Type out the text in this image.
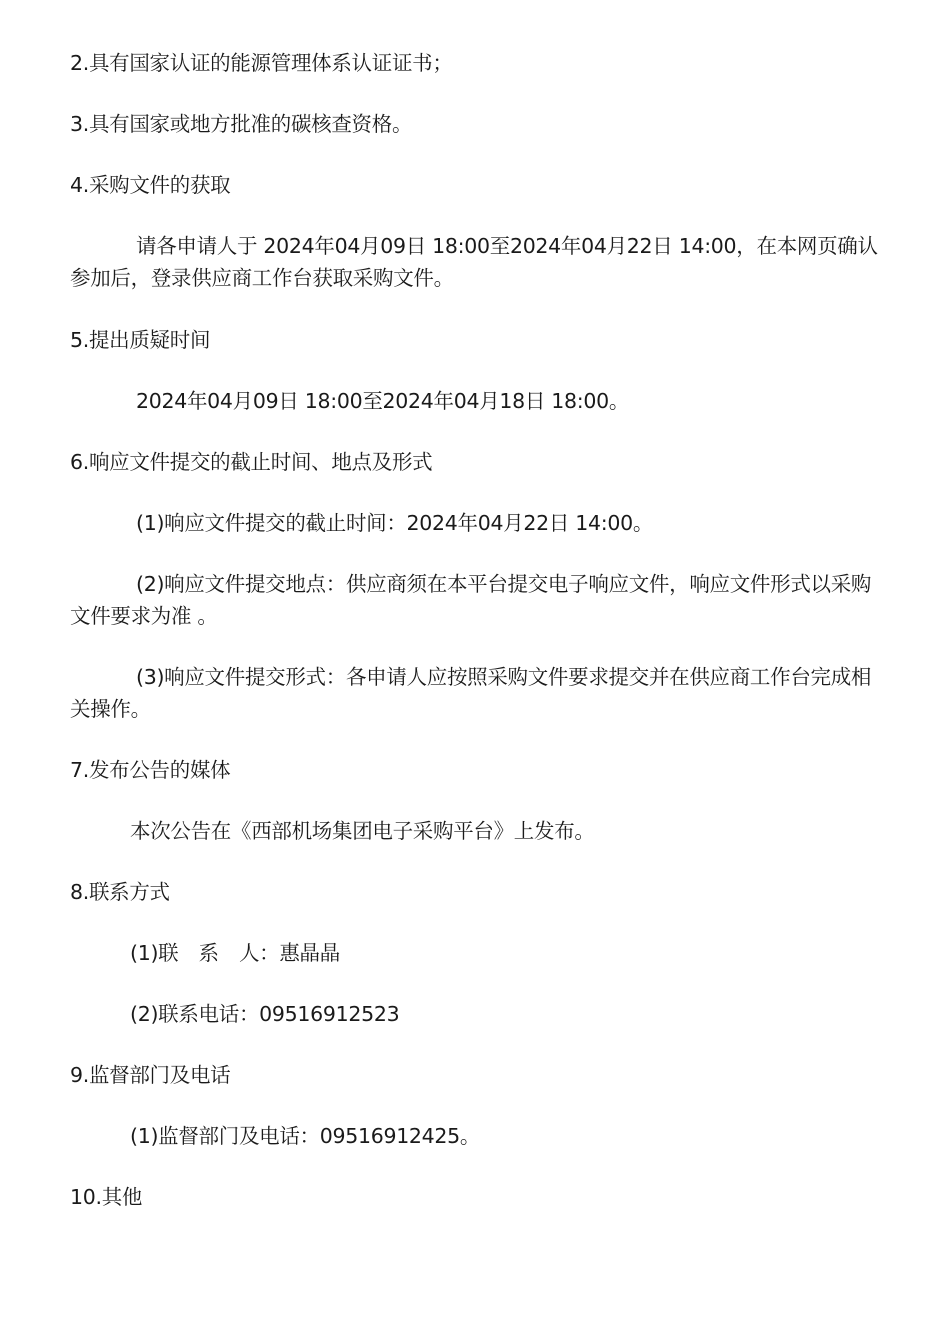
2.具有国家认证的能源管理体系认证证书；
3.具有国家或地方批准的碳核查资格。
4.采购文件的获取
请各申请人于 2024年04月09日 18:00至2024年04月22日 14:00，在本网页确认参加后，登录供应商工作台获取采购文件。
5.提出质疑时间
2024年04月09日 18:00至2024年04月18日 18:00。
6.响应文件提交的截止时间、地点及形式
(1)响应文件提交的截止时间：2024年04月22日 14:00。
(2)响应文件提交地点：供应商须在本平台提交电子响应文件，响应文件形式以采购文件要求为准 。
(3)响应文件提交形式：各申请人应按照采购文件要求提交并在供应商工作台完成相关操作。
7.发布公告的媒体
本次公告在《西部机场集团电子采购平台》上发布。
8.联系方式
(1)联　系　人：惠晶晶
(2)联系电话：09516912523
9.监督部门及电话
(1)监督部门及电话：09516912425。
10.其他
